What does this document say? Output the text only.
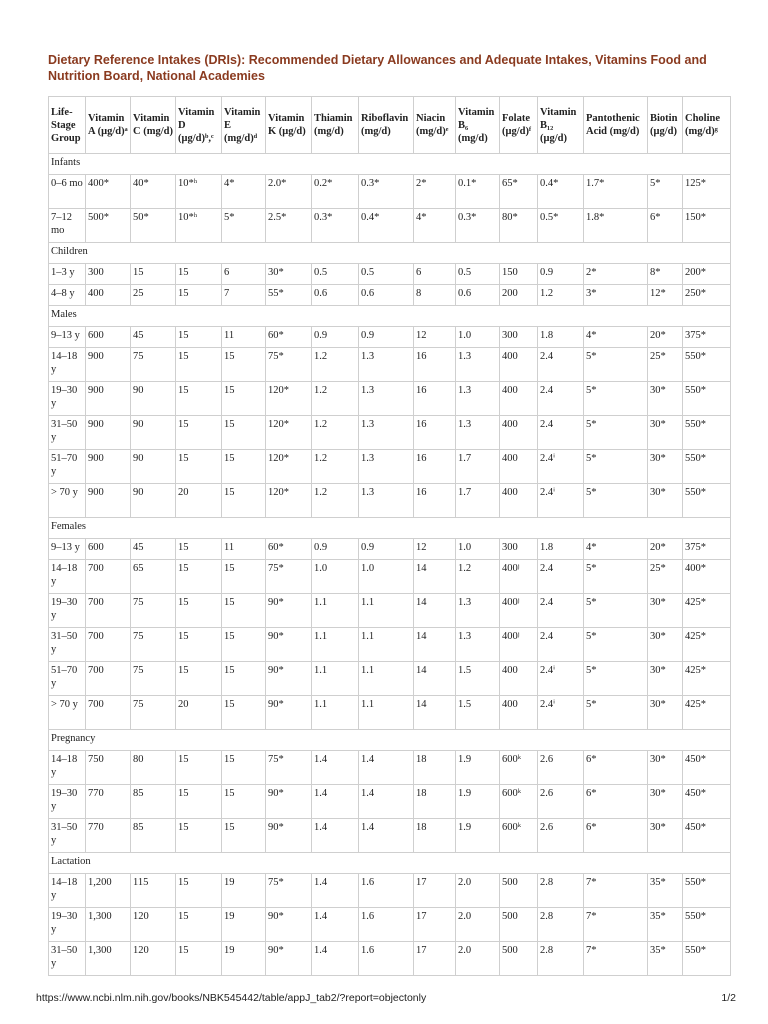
Dietary Reference Intakes (DRIs): Recommended Dietary Allowances and Adequate Intakes, Vitamins Food and Nutrition Board, National Academies
Life-Stage Group	Vitamin A (μg/d)ᵃ	Vitamin C (mg/d)	Vitamin D (μg/d)ᵇ,ᶜ	Vitamin E (mg/d)ᵈ	Vitamin K (μg/d)	Thiamin (mg/d)	Riboflavin (mg/d)	Niacin (mg/d)ᵉ	Vitamin B₆ (mg/d)	Folate (μg/d)ᶠ	Vitamin B₁₂ (μg/d)	Pantothenic Acid (mg/d)	Biotin (μg/d)	Choline (mg/d)ᵍ
Infants														
0–6 mo	400*	40*	10*ʰ	4*	2.0*	0.2*	0.3*	2*	0.1*	65*	0.4*	1.7*	5*	125*
7–12 mo	500*	50*	10*ʰ	5*	2.5*	0.3*	0.4*	4*	0.3*	80*	0.5*	1.8*	6*	150*
Children														
1–3 y	300	15	15	6	30*	0.5	0.5	6	0.5	150	0.9	2*	8*	200*
4–8 y	400	25	15	7	55*	0.6	0.6	8	0.6	200	1.2	3*	12*	250*
Males														
9–13 y	600	45	15	11	60*	0.9	0.9	12	1.0	300	1.8	4*	20*	375*
14–18 y	900	75	15	15	75*	1.2	1.3	16	1.3	400	2.4	5*	25*	550*
19–30 y	900	90	15	15	120*	1.2	1.3	16	1.3	400	2.4	5*	30*	550*
31–50 y	900	90	15	15	120*	1.2	1.3	16	1.3	400	2.4	5*	30*	550*
51–70 y	900	90	15	15	120*	1.2	1.3	16	1.7	400	2.4ⁱ	5*	30*	550*
> 70 y	900	90	20	15	120*	1.2	1.3	16	1.7	400	2.4ⁱ	5*	30*	550*
Females														
9–13 y	600	45	15	11	60*	0.9	0.9	12	1.0	300	1.8	4*	20*	375*
14–18 y	700	65	15	15	75*	1.0	1.0	14	1.2	400ʲ	2.4	5*	25*	400*
19–30 y	700	75	15	15	90*	1.1	1.1	14	1.3	400ʲ	2.4	5*	30*	425*
31–50 y	700	75	15	15	90*	1.1	1.1	14	1.3	400ʲ	2.4	5*	30*	425*
51–70 y	700	75	15	15	90*	1.1	1.1	14	1.5	400	2.4ⁱ	5*	30*	425*
> 70 y	700	75	20	15	90*	1.1	1.1	14	1.5	400	2.4ⁱ	5*	30*	425*
Pregnancy														
14–18 y	750	80	15	15	75*	1.4	1.4	18	1.9	600ᵏ	2.6	6*	30*	450*
19–30 y	770	85	15	15	90*	1.4	1.4	18	1.9	600ᵏ	2.6	6*	30*	450*
31–50 y	770	85	15	15	90*	1.4	1.4	18	1.9	600ᵏ	2.6	6*	30*	450*
Lactation														
14–18 y	1,200	115	15	19	75*	1.4	1.6	17	2.0	500	2.8	7*	35*	550*
19–30 y	1,300	120	15	19	90*	1.4	1.6	17	2.0	500	2.8	7*	35*	550*
31–50 y	1,300	120	15	19	90*	1.4	1.6	17	2.0	500	2.8	7*	35*	550*
https://www.ncbi.nlm.nih.gov/books/NBK545442/table/appJ_tab2/?report=objectonly	1/2
